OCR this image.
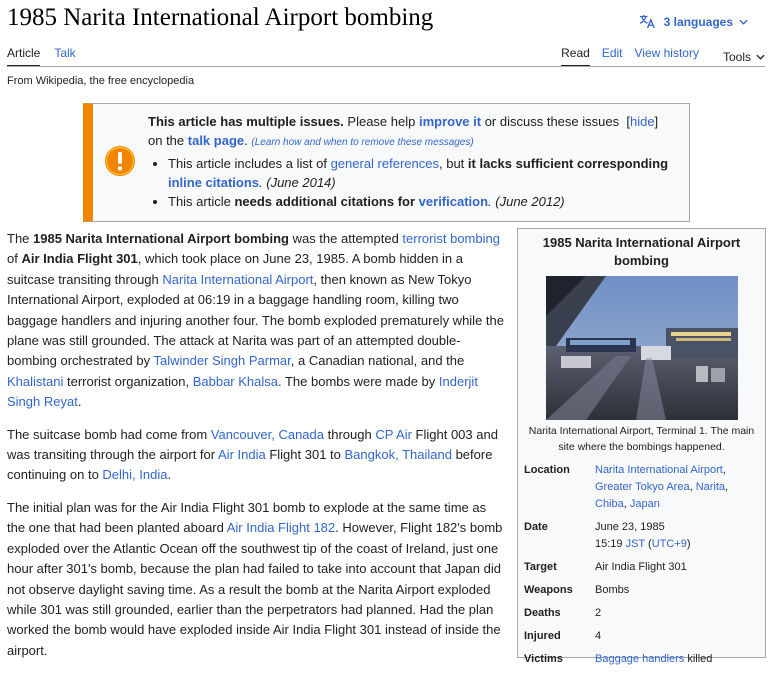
1985 Narita International Airport bombing	3 languages
Article Talk	Read Edit View history Tools
From Wikipedia, the free encyclopedia
This article has multiple issues. Please help improve it or discuss these issues [hide]
on the talk page. (Learn how and when to remove these messages)
• This article includes a list of general references, but it lacks sufficient corresponding inline citations. (June 2014)
• This article needs additional citations for verification. (June 2012)

The 1985 Narita International Airport bombing was the attempted terrorist bombing of Air India Flight 301, which took place on June 23, 1985. A bomb hidden in a suitcase transiting through Narita International Airport, then known as New Tokyo International Airport, exploded at 06:19 in a baggage handling room, killing two baggage handlers and injuring another four. The bomb exploded prematurely while the plane was still grounded. The attack at Narita was part of an attempted double-bombing orchestrated by Talwinder Singh Parmar, a Canadian national, and the Khalistani terrorist organization, Babbar Khalsa. The bombs were made by Inderjit Singh Reyat.

The suitcase bomb had come from Vancouver, Canada through CP Air Flight 003 and was transiting through the airport for Air India Flight 301 to Bangkok, Thailand before continuing on to Delhi, India.

The initial plan was for the Air India Flight 301 bomb to explode at the same time as the one that had been planted aboard Air India Flight 182. However, Flight 182's bomb exploded over the Atlantic Ocean off the southwest tip of the coast of Ireland, just one hour after 301's bomb, because the plan had failed to take into account that Japan did not observe daylight saving time. As a result the bomb at the Narita Airport exploded while 301 was still grounded, earlier than the perpetrators had planned. Had the plan worked the bomb would have exploded inside Air India Flight 301 instead of inside the airport.

1985 Narita International Airport bombing
Narita International Airport, Terminal 1. The main site where the bombings happened.
Location	Narita International Airport, Greater Tokyo Area, Narita, Chiba, Japan
Date	June 23, 1985
15:19 JST (UTC+9)
Target	Air India Flight 301
Weapons	Bombs
Deaths	2
Injured	4
Victims	Baggage handlers killed
